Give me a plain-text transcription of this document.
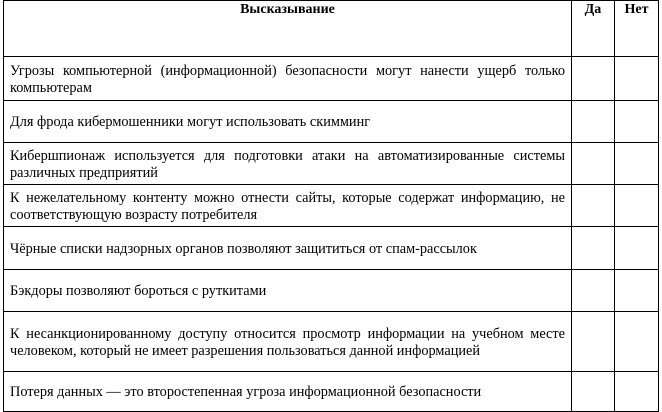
Высказывание	Да	Нет
Угрозы компьютерной (информационной) безопасности могут нанести ущерб только компьютерам		
Для фрода кибермошенники могут использовать скимминг		
Кибершпионаж используется для подготовки атаки на автоматизированные системы различных предприятий		
К нежелательному контенту можно отнести сайты, которые содержат информацию, не соответствующую возрасту потребителя		
Чёрные списки надзорных органов позволяют защититься от спам-рассылок		
Бэкдоры позволяют бороться с руткитами		
К несанкционированному доступу относится просмотр информации на учебном месте человеком, который не имеет разрешения пользоваться данной информацией		
Потеря данных — это второстепенная угроза информационной безопасности		
